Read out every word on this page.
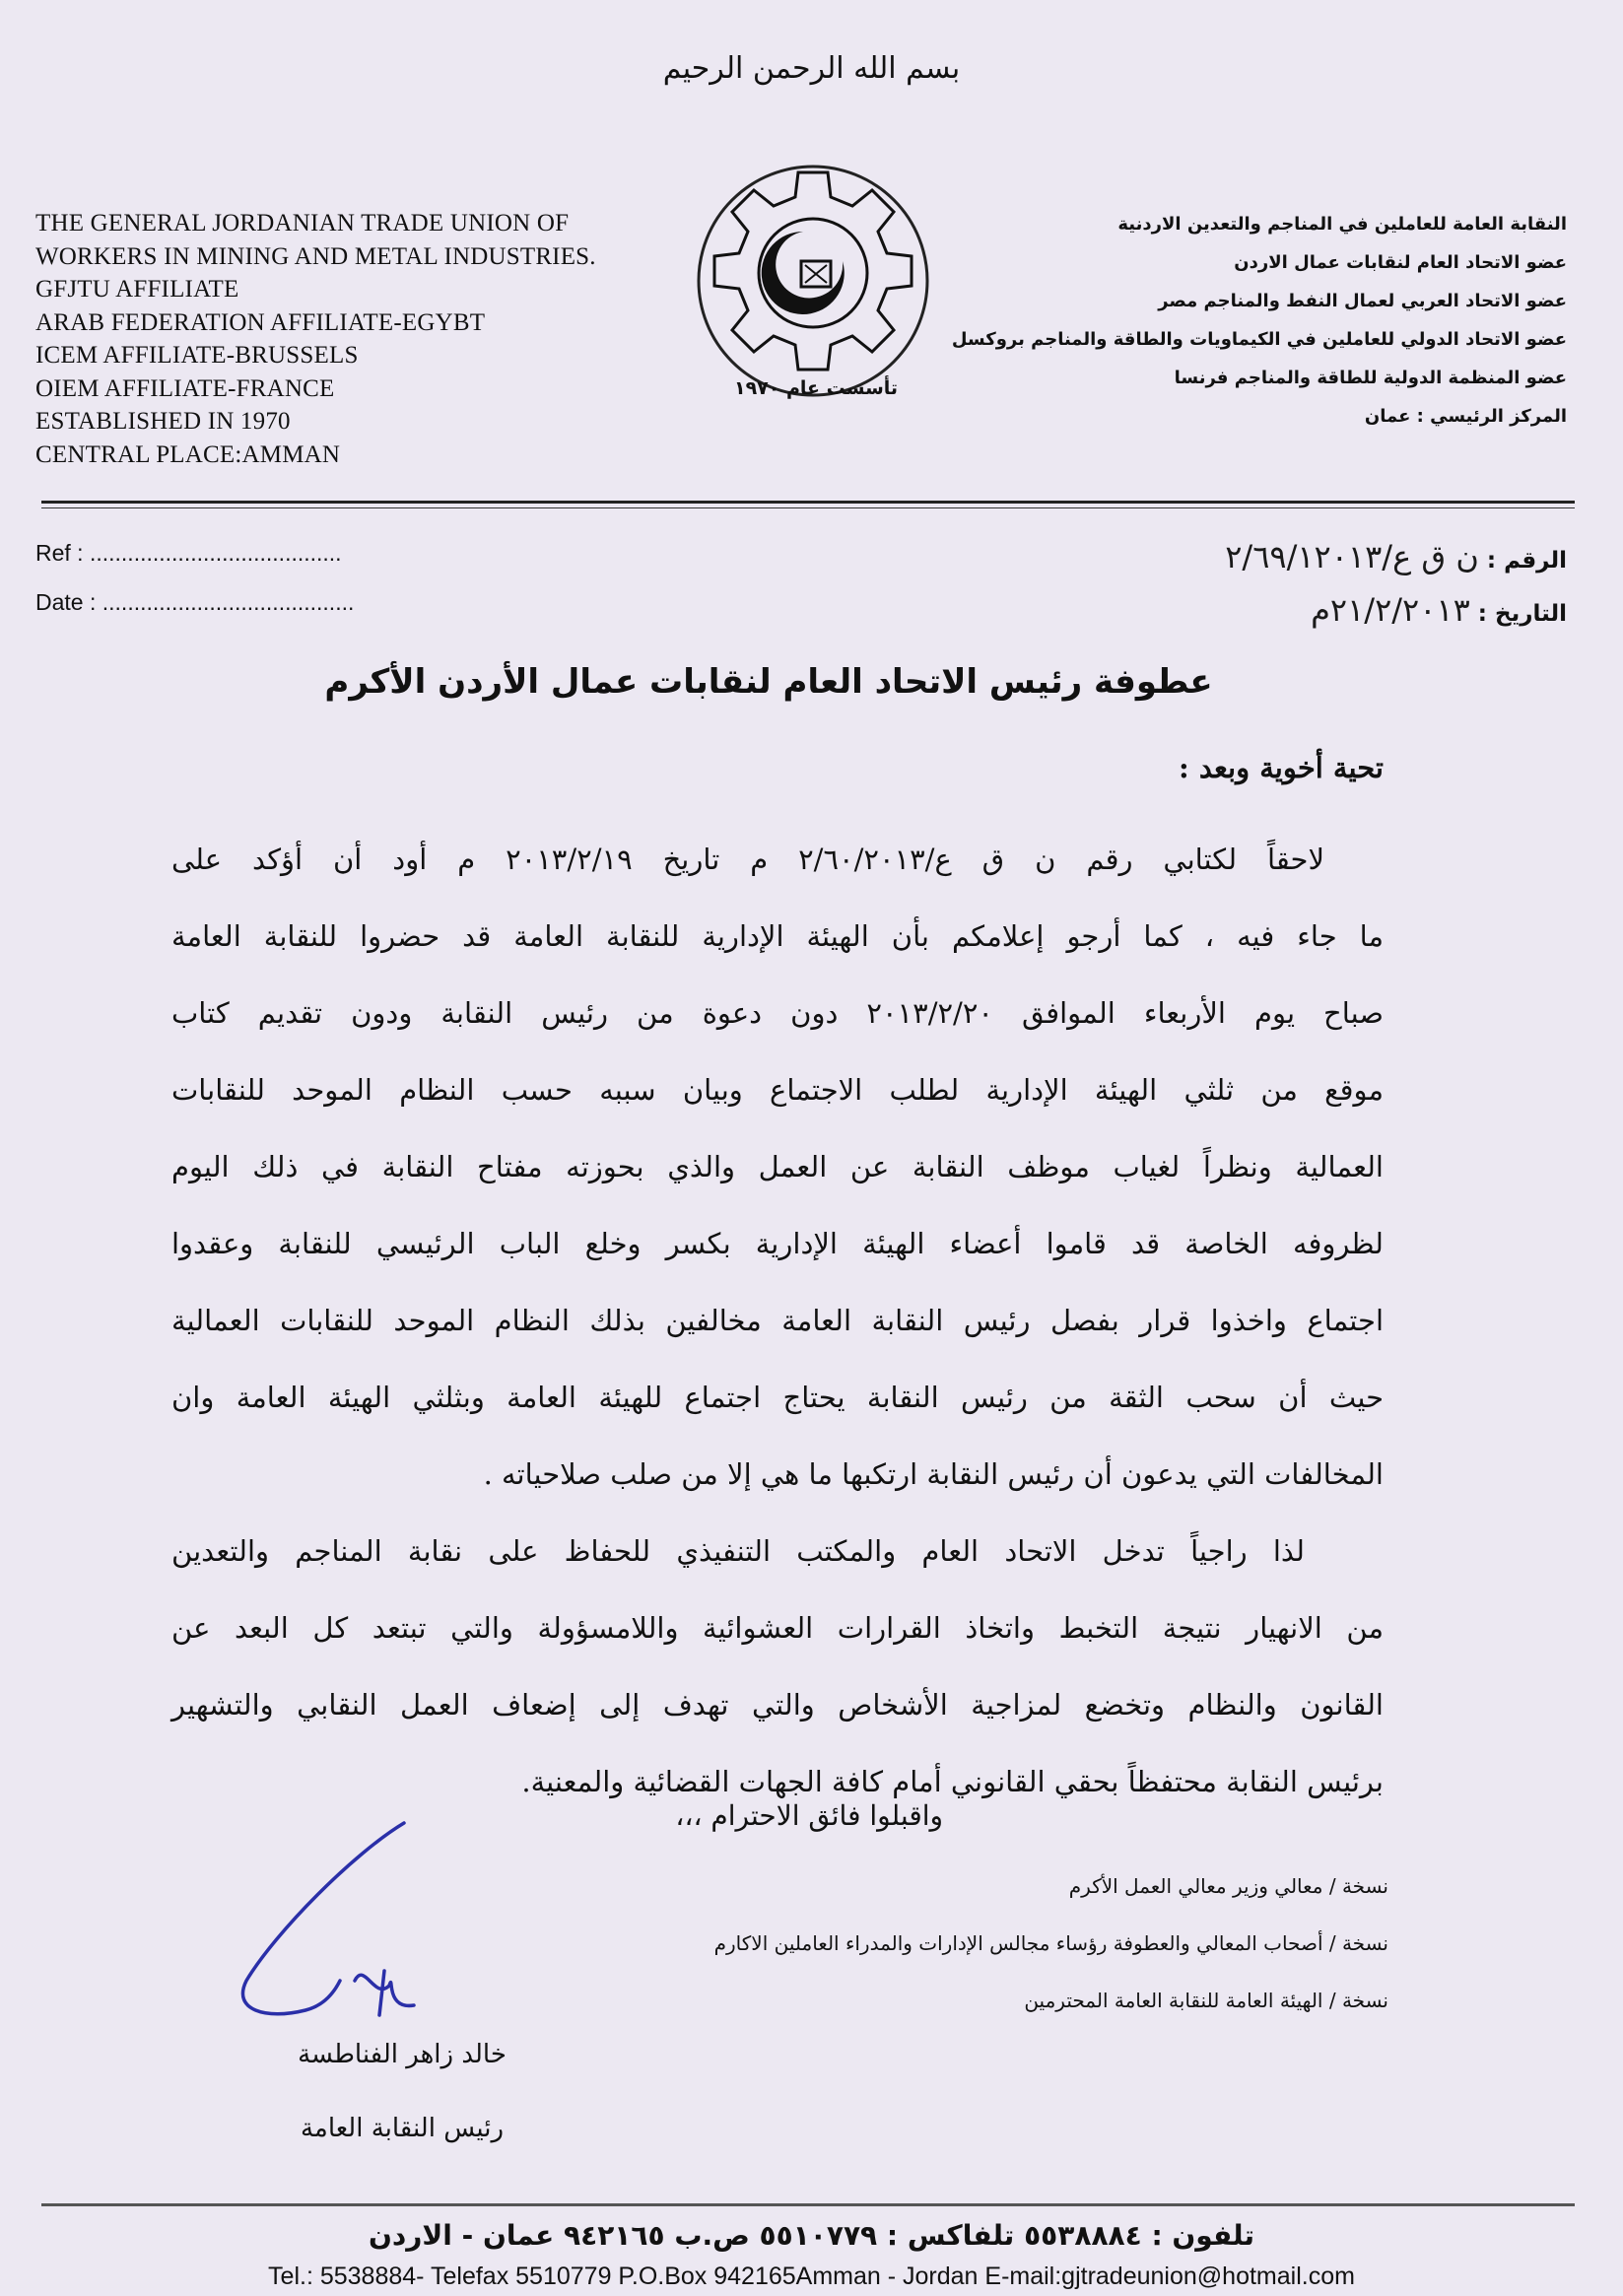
بسم الله الرحمن الرحيم
THE GENERAL JORDANIAN TRADE UNION OF
WORKERS IN MINING AND METAL INDUSTRIES.
GFJTU AFFILIATE
ARAB FEDERATION AFFILIATE-EGYBT
ICEM AFFILIATE-BRUSSELS
OIEM AFFILIATE-FRANCE
ESTABLISHED IN 1970
CENTRAL PLACE:AMMAN
تأسست عام ١٩٧٠
النقابة العامة للعاملين في المناجم والتعدين الاردنية
عضو الاتحاد العام لنقابات عمال الاردن
عضو الاتحاد العربي لعمال النفط والمناجم مصر
عضو الاتحاد الدولي للعاملين في الكيماويات والطاقة والمناجم بروكسل
عضو المنظمة الدولية للطاقة والمناجم فرنسا
المركز الرئيسي : عمان
Ref : ........................................
Date : ........................................
الرقم : ن ق ع/٢/٦٩/١٢٠١٣
التاريخ : ٢١/٢/٢٠١٣م
عطوفة رئيس الاتحاد العام لنقابات عمال الأردن الأكرم
تحية أخوية وبعد :
لاحقاً لكتابي رقم ن ق ع/٢/٦٠/٢٠١٣ م تاريخ ٢٠١٣/٢/١٩ م أود أن أؤكد على
ما جاء فيه ، كما أرجو إعلامكم بأن الهيئة الإدارية للنقابة العامة قد حضروا للنقابة العامة
صباح يوم الأربعاء الموافق ٢٠١٣/٢/٢٠ دون دعوة من رئيس النقابة ودون تقديم كتاب
موقع من ثلثي الهيئة الإدارية لطلب الاجتماع وبيان سببه حسب النظام الموحد للنقابات
العمالية ونظراً لغياب موظف النقابة عن العمل والذي بحوزته مفتاح النقابة في ذلك اليوم
لظروفه الخاصة قد قاموا أعضاء الهيئة الإدارية بكسر وخلع الباب الرئيسي للنقابة وعقدوا
اجتماع واخذوا قرار بفصل رئيس النقابة العامة مخالفين بذلك النظام الموحد للنقابات العمالية
حيث أن سحب الثقة من رئيس النقابة يحتاج اجتماع للهيئة العامة وبثلثي الهيئة العامة وان
المخالفات التي يدعون أن رئيس النقابة ارتكبها ما هي إلا من صلب صلاحياته .
لذا راجياً تدخل الاتحاد العام والمكتب التنفيذي للحفاظ على نقابة المناجم والتعدين
من الانهيار نتيجة التخبط واتخاذ القرارات العشوائية واللامسؤولة والتي تبتعد كل البعد عن
القانون والنظام وتخضع لمزاجية الأشخاص والتي تهدف إلى إضعاف العمل النقابي والتشهير
برئيس النقابة محتفظاً بحقي القانوني أمام كافة الجهات القضائية والمعنية.
واقبلوا فائق الاحترام ،،،
نسخة / معالي وزير معالي العمل الأكرم
نسخة / أصحاب المعالي والعطوفة رؤساء مجالس الإدارات والمدراء العاملين الاكارم
نسخة / الهيئة العامة للنقابة العامة المحترمين
خالد زاهر الفناطسة
رئيس النقابة العامة
تلفون : ٥٥٣٨٨٨٤ تلفاكس : ٥٥١٠٧٧٩ ص.ب ٩٤٢١٦٥ عمان - الاردن
Tel.: 5538884- Telefax 5510779 P.O.Box 942165Amman - Jordan E-mail:gjtradeunion@hotmail.com
